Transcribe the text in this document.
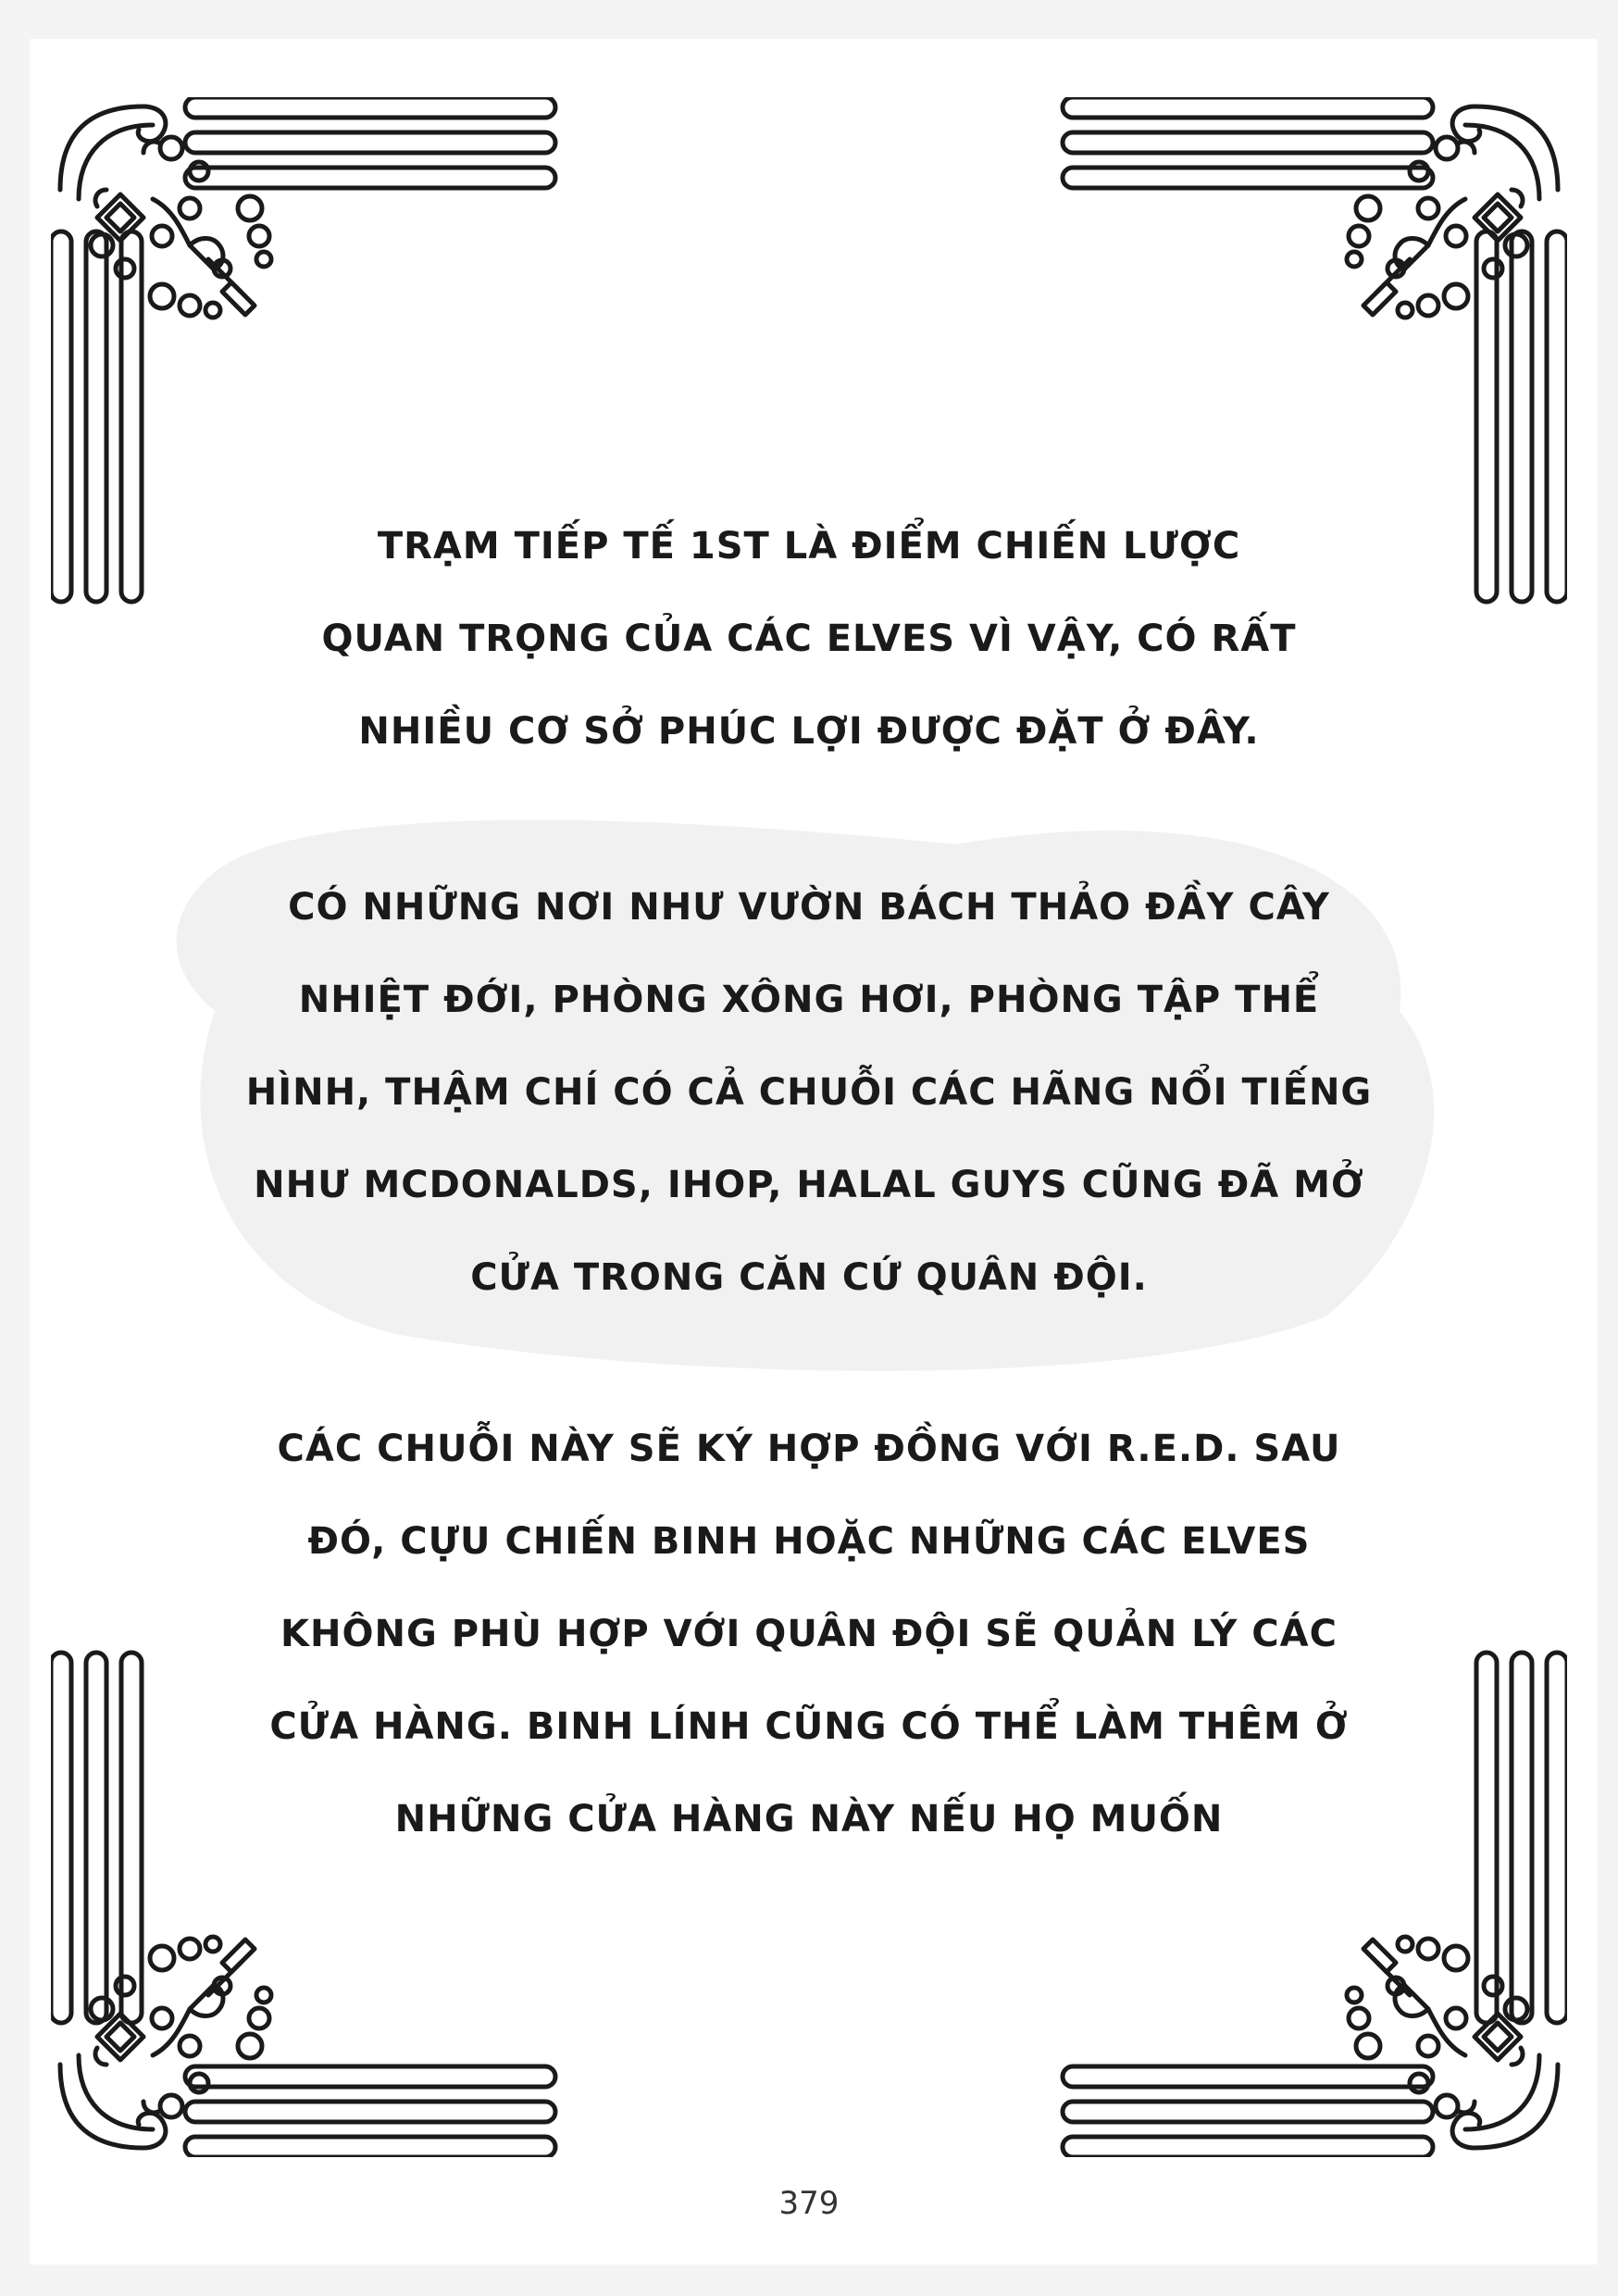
TRẠM TIẾP TẾ 1ST LÀ ĐIỂM CHIẾN LƯỢC
QUAN TRỌNG CỦA CÁC ELVES VÌ VẬY, CÓ RẤT
NHIỀU CƠ SỞ PHÚC LỢI ĐƯỢC ĐẶT Ở ĐÂY.
CÓ NHỮNG NƠI NHƯ VƯỜN BÁCH THẢO ĐẦY CÂY
NHIỆT ĐỚI, PHÒNG XÔNG HƠI, PHÒNG TẬP THỂ
HÌNH, THẬM CHÍ CÓ CẢ CHUỖI CÁC HÃNG NỔI TIẾNG
NHƯ MCDONALDS, IHOP, HALAL GUYS CŨNG ĐÃ MỞ
CỬA TRONG CĂN CỨ QUÂN ĐỘI.
CÁC CHUỖI NÀY SẼ KÝ HỢP ĐỒNG VỚI R.E.D. SAU
ĐÓ, CỰU CHIẾN BINH HOẶC NHỮNG CÁC ELVES
KHÔNG PHÙ HỢP VỚI QUÂN ĐỘI SẼ QUẢN LÝ CÁC
CỬA HÀNG. BINH LÍNH CŨNG CÓ THỂ LÀM THÊM Ở
NHỮNG CỬA HÀNG NÀY NẾU HỌ MUỐN
379
